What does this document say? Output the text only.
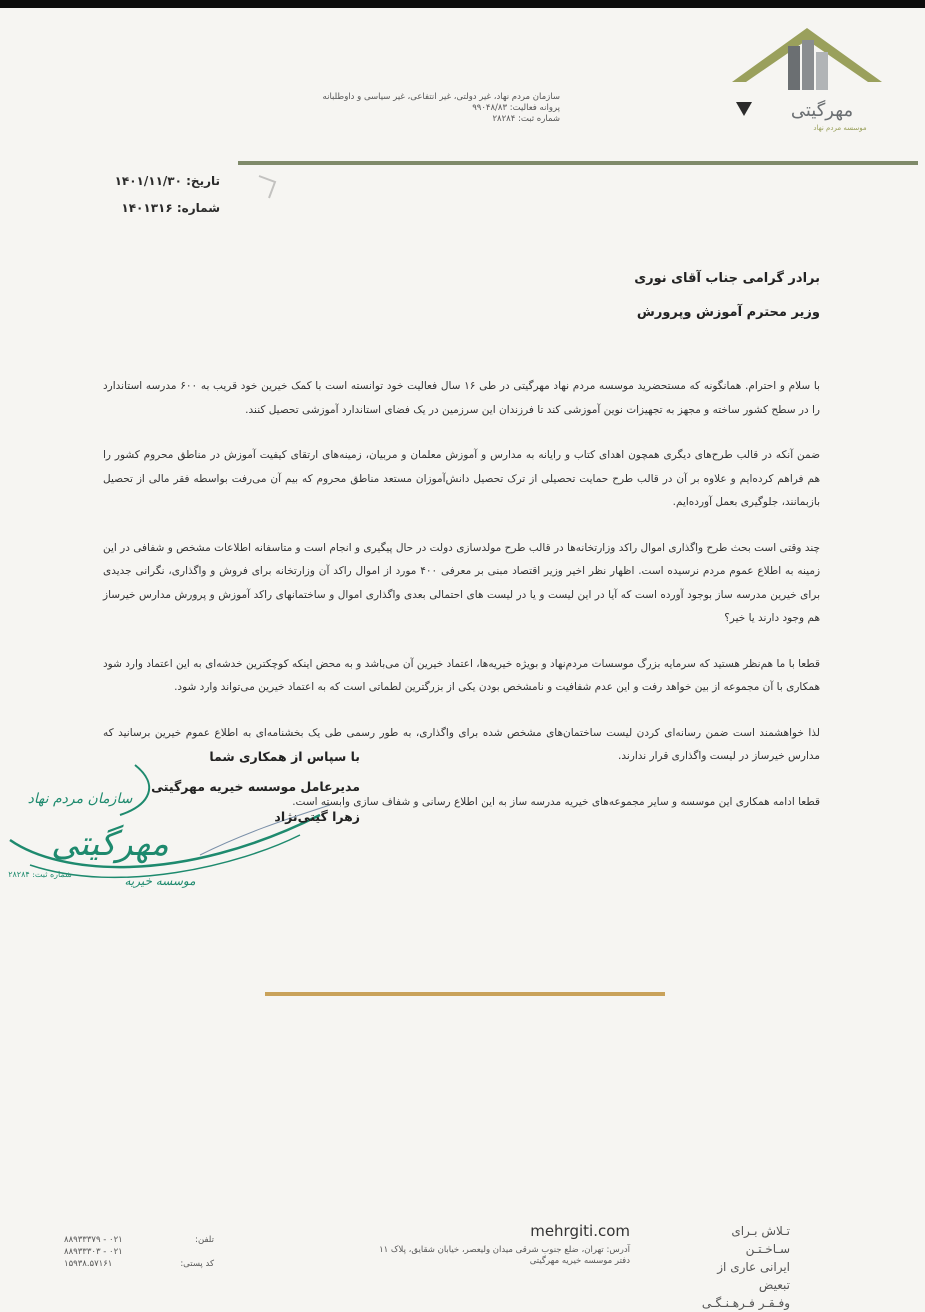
مهرگیتی
موسسه مردم نهاد
سازمان مردم نهاد، غیر دولتی، غیر انتفاعی، غیر سیاسی و داوطلبانه
پروانه فعالیت: ۹۹۰۴۸/۸۳
شماره ثبت: ۲۸۲۸۴
تاریخ: ۱۴۰۱/۱۱/۳۰
شماره: ۱۴۰۱۳۱۶
برادر گرامی جناب آقای نوری
وزیر محترم آموزش وپرورش

با سلام و احترام. همانگونه که مستحضرید موسسه مردم نهاد مهرگیتی در طی ۱۶ سال فعالیت خود توانسته است با کمک خیرین خود قریب به ۶۰۰ مدرسه استاندارد را در سطح کشور ساخته و مجهز به تجهیزات نوین آموزشی کند تا فرزندان این سرزمین در یک فضای استاندارد آموزشی تحصیل کنند.

ضمن آنکه در قالب طرح‌های دیگری همچون اهدای کتاب و رایانه به مدارس و آموزش معلمان و مربیان، زمینه‌های ارتقای کیفیت آموزش در مناطق محروم کشور را هم فراهم کرده‌ایم و علاوه بر آن در قالب طرح حمایت تحصیلی از ترک تحصیل دانش‌آموزان مستعد مناطق محروم که بیم آن می‌رفت بواسطه فقر مالی از تحصیل بازبمانند، جلوگیری بعمل آورده‌ایم.

چند وقتی است بحث طرح واگذاری اموال راکد وزارتخانه‌ها در قالب طرح مولدسازی دولت در حال پیگیری و انجام است و متاسفانه اطلاعات مشخص و شفافی در این زمینه به اطلاع عموم مردم نرسیده است. اظهار نظر اخیر وزیر اقتصاد مبنی بر معرفی ۴۰۰ مورد از اموال راکد آن وزارتخانه برای فروش و واگذاری، نگرانی جدیدی برای خیرین مدرسه ساز بوجود آورده است که آیا در این لیست و یا در لیست های احتمالی بعدی واگذاری اموال و ساختمانهای راکد آموزش و پرورش مدارس خیرساز هم وجود دارند یا خیر؟

قطعا با ما هم‌نظر هستید که سرمایه بزرگ موسسات مردم‌نهاد و بویژه خیریه‌ها، اعتماد خیرین آن می‌باشد و به محض اینکه کوچکترین خدشه‌ای به این اعتماد وارد شود همکاری با آن مجموعه از بین خواهد رفت و این عدم شفافیت و نامشخص بودن یکی از بزرگترین لطماتی است که به اعتماد خیرین می‌تواند وارد شود.

لذا خواهشمند است ضمن رسانه‌ای کردن لیست ساختمان‌های مشخص شده برای واگذاری، به طور رسمی طی یک بخشنامه‌ای به اطلاع عموم خیرین برسانید که مدارس خیرساز در لیست واگذاری قرار ندارند.

قطعا ادامه همکاری این موسسه و سایر مجموعه‌های خیریه مدرسه ساز به این اطلاع رسانی و شفاف سازی وابسته است.

سازمان مردم نهاد
مهرگیتی
موسسه خیریه
شماره ثبت: ۲۸۲۸۴
با سپاس از همکاری شما
مدیرعامل موسسه خیریه مهرگیتی
زهرا گیتی‌نژاد
تـلاش بـرای سـاخـتـن
ایرانی عاری از تبعیض
وفـقـر فـرهـنـگـی
mehrgiti.com
آدرس: تهران، ضلع جنوب شرقی میدان ولیعصر، خیابان شقایق، پلاک ۱۱
دفتر موسسه خیریه مهرگیتی
تلفن:
۰۲۱ - ۸۸۹۳۳۳۷۹
۰۲۱ - ۸۸۹۳۳۳۰۳
کد پستی:
۱۵۹۳۸.۵۷۱۶۱
